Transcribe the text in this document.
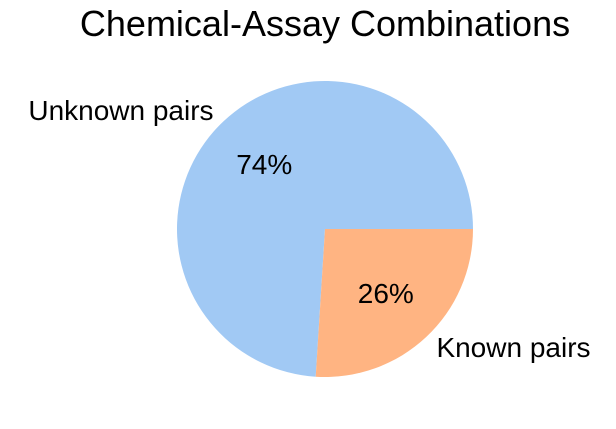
Chemical-Assay Combinations
Unknown pairs
74%
Known pairs
26%
